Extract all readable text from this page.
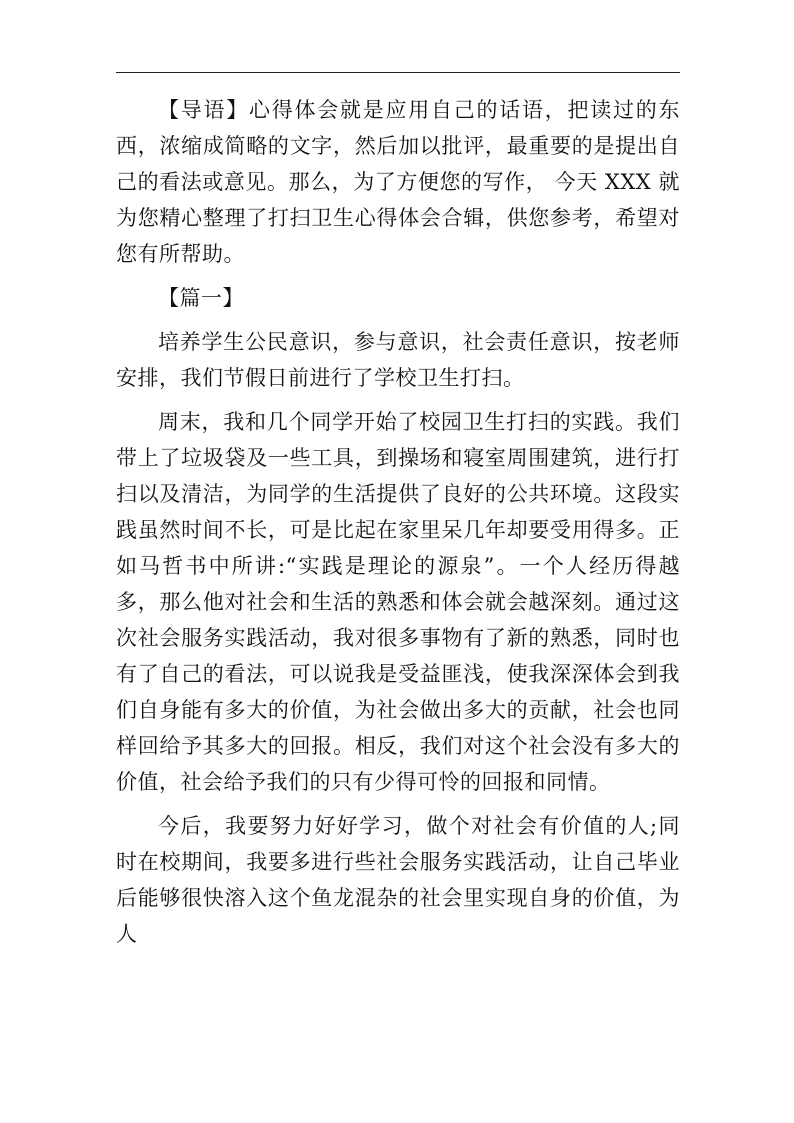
【导语】心得体会就是应用自己的话语，把读过的东西，浓缩成简略的文字，然后加以批评，最重要的是提出自己的看法或意见。那么，为了方便您的写作， 今天 XXX 就为您精心整理了打扫卫生心得体会合辑，供您参考，希望对您有所帮助。

【篇一】

培养学生公民意识，参与意识，社会责任意识，按老师安排，我们节假日前进行了学校卫生打扫。

周末，我和几个同学开始了校园卫生打扫的实践。我们带上了垃圾袋及一些工具，到操场和寝室周围建筑，进行打扫以及清洁，为同学的生活提供了良好的公共环境。这段实践虽然时间不长，可是比起在家里呆几年却要受用得多。正如马哲书中所讲:“实践是理论的源泉”。一个人经历得越多，那么他对社会和生活的熟悉和体会就会越深刻。通过这次社会服务实践活动，我对很多事物有了新的熟悉，同时也有了自己的看法，可以说我是受益匪浅，使我深深体会到我们自身能有多大的价值，为社会做出多大的贡献，社会也同样回给予其多大的回报。相反，我们对这个社会没有多大的价值，社会给予我们的只有少得可怜的回报和同情。

今后，我要努力好好学习，做个对社会有价值的人;同时在校期间，我要多进行些社会服务实践活动，让自己毕业后能够很快溶入这个鱼龙混杂的社会里实现自身的价值，为人
